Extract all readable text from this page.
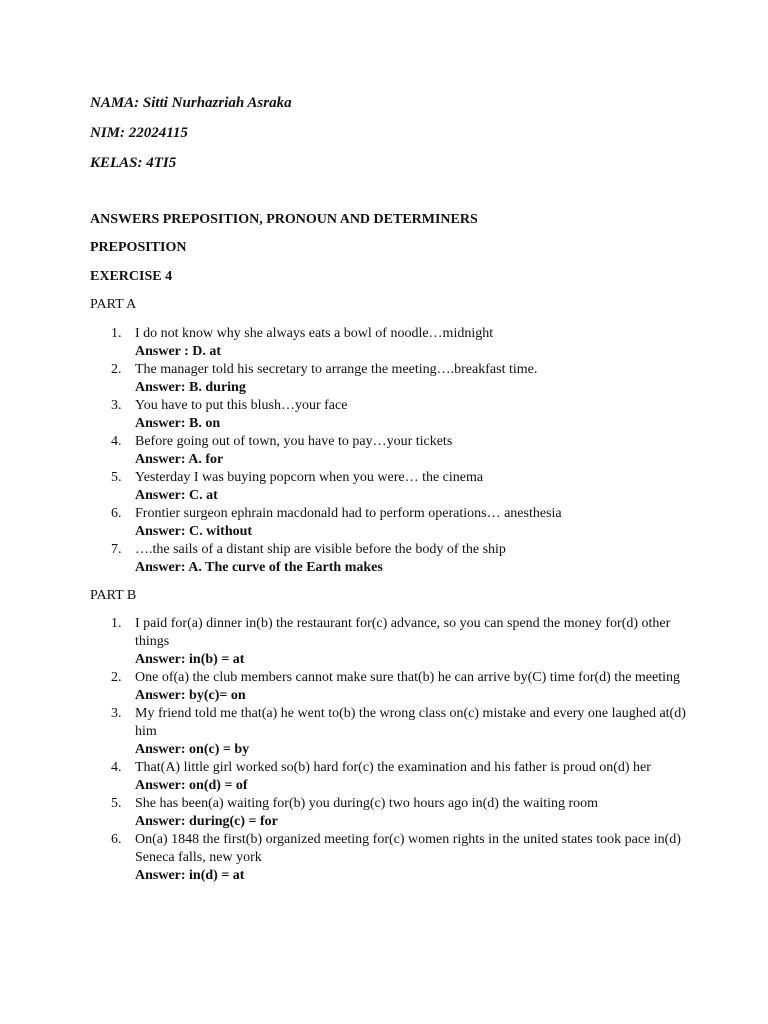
NAMA: Sitti Nurhazriah Asraka
NIM: 22024115
KELAS: 4TI5
ANSWERS PREPOSITION, PRONOUN AND DETERMINERS
PREPOSITION
EXERCISE 4
PART A
1. I do not know why she always eats a bowl of noodle…midnight
Answer : D. at
2. The manager told his secretary to arrange the meeting….breakfast time.
Answer: B. during
3. You have to put this blush…your face
Answer: B. on
4. Before going out of town, you have to pay…your tickets
Answer: A. for
5. Yesterday I was buying popcorn when you were… the cinema
Answer: C. at
6. Frontier surgeon ephrain macdonald had to perform operations… anesthesia
Answer: C. without
7. ….the sails of a distant ship are visible before the body of the ship
Answer: A. The curve of the Earth makes
PART B
1. I paid for(a) dinner in(b) the restaurant for(c) advance, so you can spend the money for(d) other things
Answer: in(b) = at
2. One of(a) the club members cannot make sure that(b) he can arrive by(C) time for(d) the meeting
Answer: by(c)= on
3. My friend told me that(a) he went to(b) the wrong class on(c) mistake and every one laughed at(d) him
Answer: on(c) = by
4. That(A) little girl worked so(b) hard for(c) the examination and his father is proud on(d) her
Answer: on(d) = of
5. She has been(a) waiting for(b) you during(c) two hours ago in(d) the waiting room
Answer: during(c) = for
6. On(a) 1848 the first(b) organized meeting for(c) women rights in the united states took pace in(d) Seneca falls, new york
Answer: in(d) = at
